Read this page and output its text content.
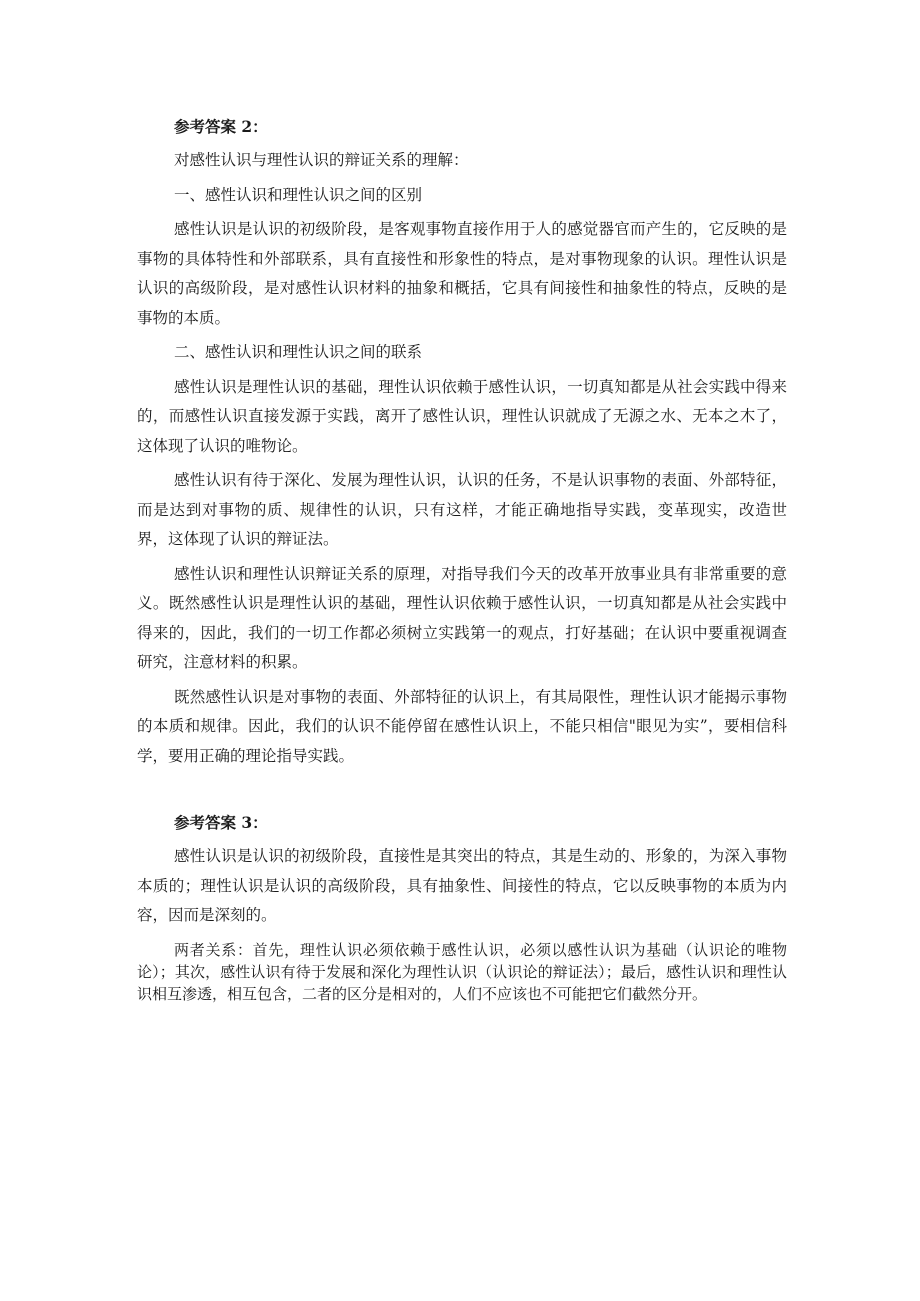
参考答案 2：

对感性认识与理性认识的辩证关系的理解：

一、感性认识和理性认识之间的区别

感性认识是认识的初级阶段，是客观事物直接作用于人的感觉器官而产生的，它反映的是事物的具体特性和外部联系，具有直接性和形象性的特点，是对事物现象的认识。理性认识是认识的高级阶段，是对感性认识材料的抽象和概括，它具有间接性和抽象性的特点，反映的是事物的本质。

二、感性认识和理性认识之间的联系

感性认识是理性认识的基础，理性认识依赖于感性认识，一切真知都是从社会实践中得来的，而感性认识直接发源于实践，离开了感性认识，理性认识就成了无源之水、无本之木了，这体现了认识的唯物论。

感性认识有待于深化、发展为理性认识，认识的任务，不是认识事物的表面、外部特征，而是达到对事物的质、规律性的认识，只有这样，才能正确地指导实践，变革现实，改造世界，这体现了认识的辩证法。

感性认识和理性认识辩证关系的原理，对指导我们今天的改革开放事业具有非常重要的意义。既然感性认识是理性认识的基础，理性认识依赖于感性认识，一切真知都是从社会实践中得来的，因此，我们的一切工作都必须树立实践第一的观点，打好基础；在认识中要重视调查研究，注意材料的积累。

既然感性认识是对事物的表面、外部特征的认识上，有其局限性，理性认识才能揭示事物的本质和规律。因此，我们的认识不能停留在感性认识上，不能只相信"眼见为实”，要相信科学，要用正确的理论指导实践。

参考答案 3：

感性认识是认识的初级阶段，直接性是其突出的特点，其是生动的、形象的，为深入事物本质的；理性认识是认识的高级阶段，具有抽象性、间接性的特点，它以反映事物的本质为内容，因而是深刻的。

两者关系：首先，理性认识必须依赖于感性认识，必须以感性认识为基础（认识论的唯物论）；其次，感性认识有待于发展和深化为理性认识（认识论的辩证法）；最后，感性认识和理性认识相互渗透，相互包含，二者的区分是相对的，人们不应该也不可能把它们截然分开。
